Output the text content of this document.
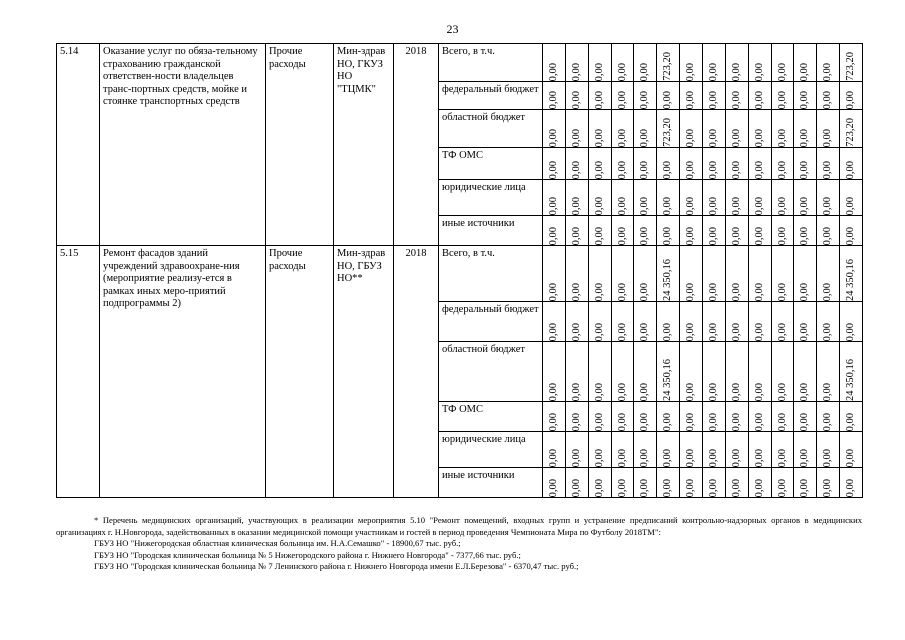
23
5.14	Оказание услуг по обяза-тельному страхованию гражданской ответствен-ности владельцев транс-портных средств, мойке и стоянке транспортных средств	Прочие расходы	Мин-здрав НО, ГКУЗ НО "ТЦМК"	2018	Всего, в т.ч.	0,00	0,00	0,00	0,00	0,00	723,20	0,00	0,00	0,00	0,00	0,00	0,00	0,00	723,20

					федеральный бюджет	0,00	0,00	0,00	0,00	0,00	0,00	0,00	0,00	0,00	0,00	0,00	0,00	0,00	0,00

					областной бюджет	0,00	0,00	0,00	0,00	0,00	723,20	0,00	0,00	0,00	0,00	0,00	0,00	0,00	723,20

					ТФ ОМС	0,00	0,00	0,00	0,00	0,00	0,00	0,00	0,00	0,00	0,00	0,00	0,00	0,00	0,00

					юридические лица	0,00	0,00	0,00	0,00	0,00	0,00	0,00	0,00	0,00	0,00	0,00	0,00	0,00	0,00

					иные источники	0,00	0,00	0,00	0,00	0,00	0,00	0,00	0,00	0,00	0,00	0,00	0,00	0,00	0,00

5.15	Ремонт фасадов зданий учреждений здравоохране-ния (мероприятие реализу-ется в рамках иных меро-приятий подпрограммы 2)	Прочие расходы	Мин-здрав НО, ГБУЗ НО**	2018	Всего, в т.ч.	0,00	0,00	0,00	0,00	0,00	24 350,16	0,00	0,00	0,00	0,00	0,00	0,00	0,00	24 350,16

					федеральный бюджет	0,00	0,00	0,00	0,00	0,00	0,00	0,00	0,00	0,00	0,00	0,00	0,00	0,00	0,00

					областной бюджет	0,00	0,00	0,00	0,00	0,00	24 350,16	0,00	0,00	0,00	0,00	0,00	0,00	0,00	24 350,16

					ТФ ОМС	0,00	0,00	0,00	0,00	0,00	0,00	0,00	0,00	0,00	0,00	0,00	0,00	0,00	0,00

					юридические лица	0,00	0,00	0,00	0,00	0,00	0,00	0,00	0,00	0,00	0,00	0,00	0,00	0,00	0,00

					иные источники	0,00	0,00	0,00	0,00	0,00	0,00	0,00	0,00	0,00	0,00	0,00	0,00	0,00	0,00

* Перечень медицинских организаций, участвующих в реализации мероприятия 5.10 "Ремонт помещений, входных групп и устранение предписаний контрольно-надзорных органов в медицинских организациях г. Н.Новгорода, задействованных в оказании медицинской помощи участникам и гостей в период проведения Чемпионата Мира по Футболу 2018TM":

ГБУЗ НО "Нижегородская областная клиническая больница им. Н.А.Семашко" - 18900,67 тыс. руб.;

ГБУЗ НО "Городская клиническая больница № 5 Нижегородского района г. Нижнего Новгорода" - 7377,66 тыс. руб.;

ГБУЗ НО "Городская клиническая больница № 7 Ленинского района г. Нижнего Новгорода имени Е.Л.Березова" - 6370,47 тыс. руб.;
